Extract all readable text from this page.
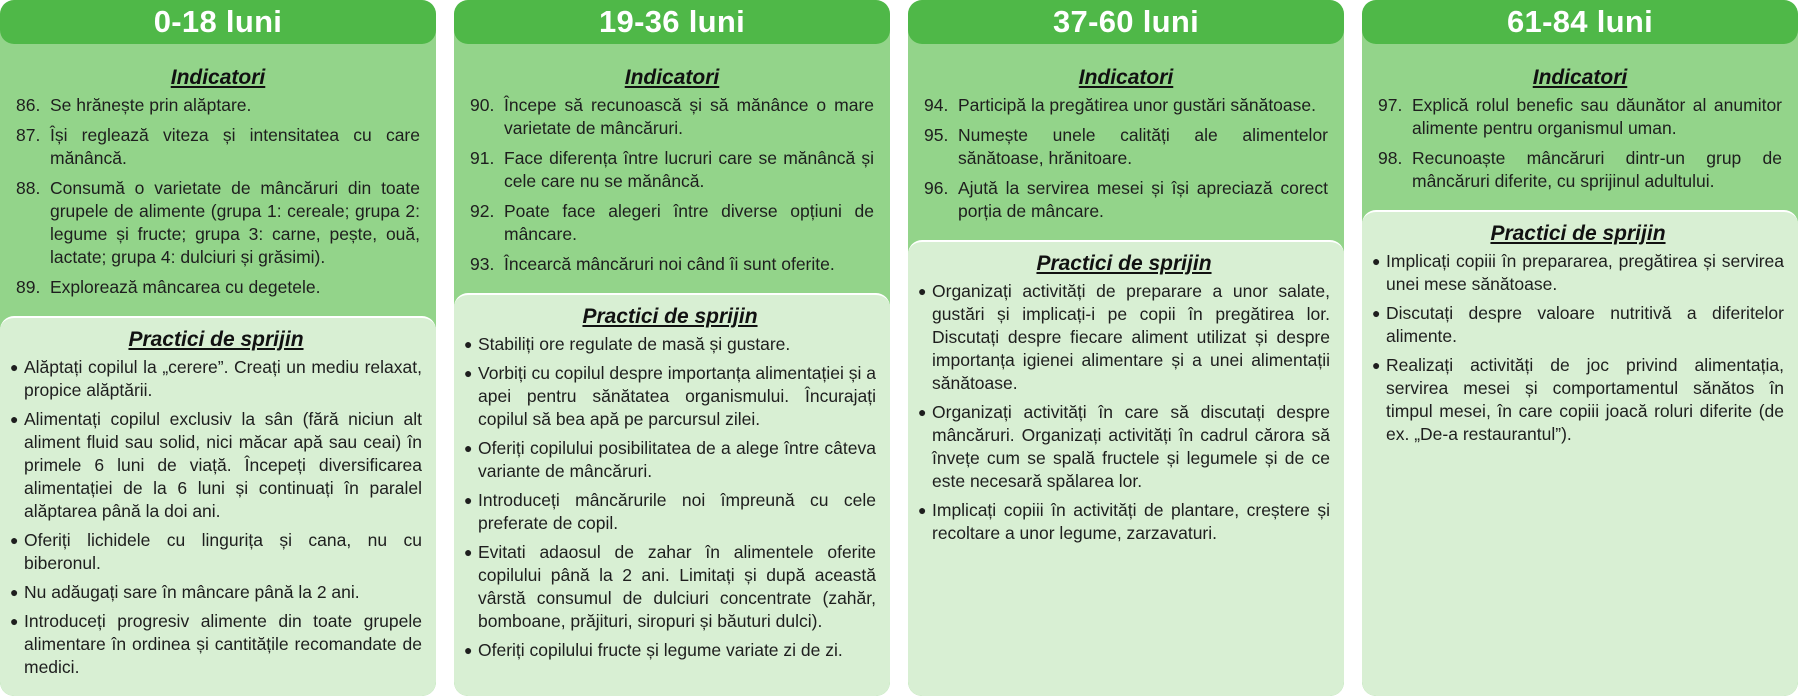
0-18 luni
Indicatori
86. Se hrănește prin alăptare.
87. Își reglează viteza și intensitatea cu care mănâncă.
88. Consumă o varietate de mâncăruri din toate grupele de alimente (grupa 1: cereale; grupa 2: legume și fructe; grupa 3: carne, pește, ouă, lactate; grupa 4: dulciuri și grăsimi).
89. Explorează mâncarea cu degetele.
Practici de sprijin
● Alăptați copilul la „cerere”. Creați un mediu relaxat, propice alăptării.
● Alimentați copilul exclusiv la sân (fără niciun alt aliment fluid sau solid, nici măcar apă sau ceai) în primele 6 luni de viață. Începeți diversificarea alimentației de la 6 luni și continuați în paralel alăptarea până la doi ani.
● Oferiți lichidele cu lingurița și cana, nu cu biberonul.
● Nu adăugați sare în mâncare până la 2 ani.
● Introduceți progresiv alimente din toate grupele alimentare în ordinea și cantitățile recomandate de medici.
19-36 luni
Indicatori
90. Începe să recunoască și să mănânce o mare varietate de mâncăruri.
91. Face diferența între lucruri care se mănâncă și cele care nu se mănâncă.
92. Poate face alegeri între diverse opțiuni de mâncare.
93. Încearcă mâncăruri noi când îi sunt oferite.
Practici de sprijin
● Stabiliți ore regulate de masă și gustare.
● Vorbiți cu copilul despre importanța alimentației și a apei pentru sănătatea organismului. Încurajați copilul să bea apă pe parcursul zilei.
● Oferiți copilului posibilitatea de a alege între câteva variante de mâncăruri.
● Introduceți mâncărurile noi împreună cu cele preferate de copil.
● Evitati adaosul de zahar în alimentele oferite copilului până la 2 ani. Limitați și după această vârstă consumul de dulciuri concentrate (zahăr, bomboane, prăjituri, siropuri și băuturi dulci).
● Oferiți copilului fructe și legume variate zi de zi.
37-60 luni
Indicatori
94. Participă la pregătirea unor gustări sănătoase.
95. Numește unele calități ale alimentelor sănătoase, hrănitoare.
96. Ajută la servirea mesei și își apreciază corect porția de mâncare.
Practici de sprijin
● Organizați activități de preparare a unor salate, gustări și implicați-i pe copii în pregătirea lor. Discutați despre fiecare aliment utilizat și despre importanța igienei alimentare și a unei alimentații sănătoase.
● Organizați activități în care să discutați despre mâncăruri. Organizați activități în cadrul cărora să învețe cum se spală fructele și legumele și de ce este necesară spălarea lor.
● Implicați copiii în activități de plantare, creștere și recoltare a unor legume, zarzavaturi.
61-84 luni
Indicatori
97. Explică rolul benefic sau dăunător al anumitor alimente pentru organismul uman.
98. Recunoaște mâncăruri dintr-un grup de mâncăruri diferite, cu sprijinul adultului.
Practici de sprijin
● Implicați copiii în prepararea, pregătirea și servirea unei mese sănătoase.
● Discutați despre valoare nutritivă a diferitelor alimente.
● Realizați activități de joc privind alimentația, servirea mesei și comportamentul sănătos în timpul mesei, în care copiii joacă roluri diferite (de ex. „De-a restaurantul”).
